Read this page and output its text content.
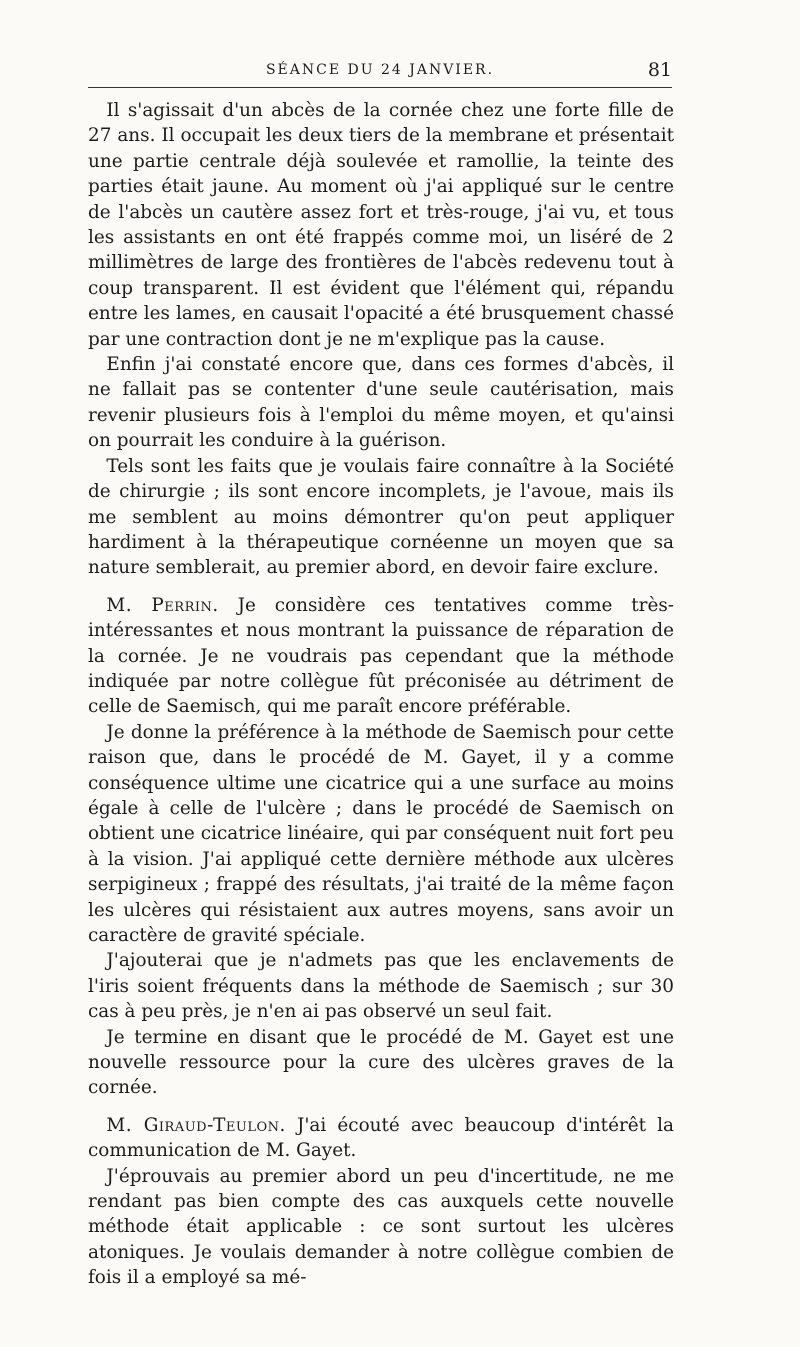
SÉANCE DU 24 JANVIER.	81

 Il s'agissait d'un abcès de la cornée chez une forte fille de 27 ans. Il occupait les deux tiers de la membrane et présentait une partie centrale déjà soulevée et ramollie, la teinte des parties était jaune. Au moment où j'ai appliqué sur le centre de l'abcès un cautère assez fort et très-rouge, j'ai vu, et tous les assistants en ont été frappés comme moi, un liséré de 2 millimètres de large des frontières de l'abcès redevenu tout à coup transparent. Il est évident que l'élément qui, répandu entre les lames, en causait l'opacité a été brusquement chassé par une contraction dont je ne m'explique pas la cause.

 Enfin j'ai constaté encore que, dans ces formes d'abcès, il ne fallait pas se contenter d'une seule cautérisation, mais revenir plusieurs fois à l'emploi du même moyen, et qu'ainsi on pourrait les conduire à la guérison.

 Tels sont les faits que je voulais faire connaître à la Société de chirurgie ; ils sont encore incomplets, je l'avoue, mais ils me semblent au moins démontrer qu'on peut appliquer hardiment à la thérapeutique cornéenne un moyen que sa nature semblerait, au premier abord, en devoir faire exclure.

 M. Perrin. Je considère ces tentatives comme très-intéressantes et nous montrant la puissance de réparation de la cornée. Je ne voudrais pas cependant que la méthode indiquée par notre collègue fût préconisée au détriment de celle de Saemisch, qui me paraît encore préférable.

 Je donne la préférence à la méthode de Saemisch pour cette raison que, dans le procédé de M. Gayet, il y a comme conséquence ultime une cicatrice qui a une surface au moins égale à celle de l'ulcère ; dans le procédé de Saemisch on obtient une cicatrice linéaire, qui par conséquent nuit fort peu à la vision. J'ai appliqué cette dernière méthode aux ulcères serpigineux ; frappé des résultats, j'ai traité de la même façon les ulcères qui résistaient aux autres moyens, sans avoir un caractère de gravité spéciale.

 J'ajouterai que je n'admets pas que les enclavements de l'iris soient fréquents dans la méthode de Saemisch ; sur 30 cas à peu près, je n'en ai pas observé un seul fait.

 Je termine en disant que le procédé de M. Gayet est une nouvelle ressource pour la cure des ulcères graves de la cornée.

 M. Giraud-Teulon. J'ai écouté avec beaucoup d'intérêt la communication de M. Gayet.

 J'éprouvais au premier abord un peu d'incertitude, ne me rendant pas bien compte des cas auxquels cette nouvelle méthode était applicable : ce sont surtout les ulcères atoniques. Je voulais demander à notre collègue combien de fois il a employé sa mé-
